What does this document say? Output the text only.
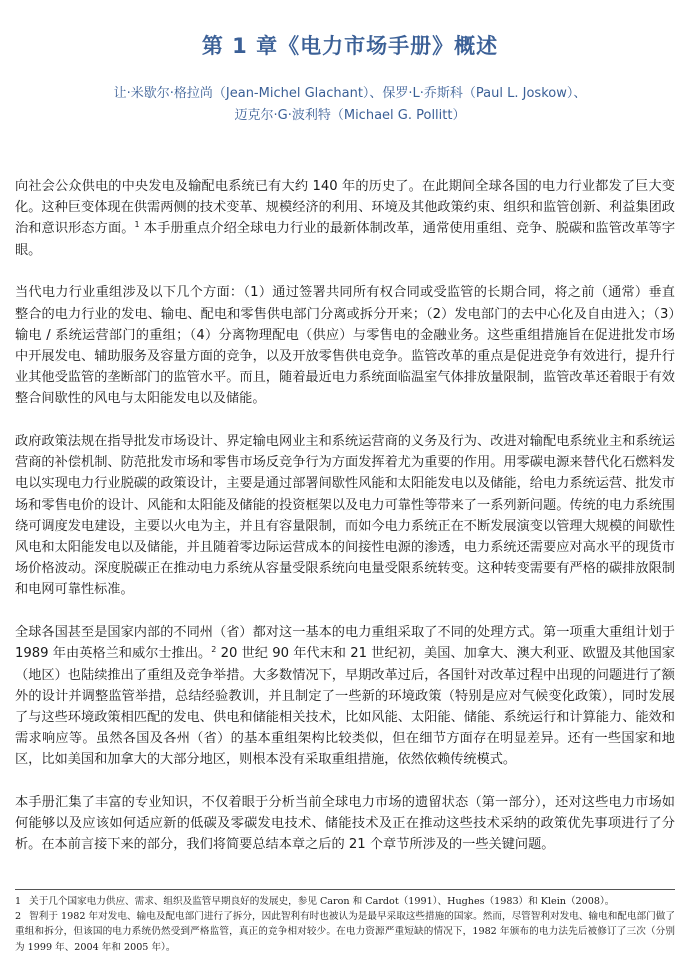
第 1 章《电力市场手册》概述
让·米歇尔·格拉尚（Jean-Michel Glachant）、保罗·L·乔斯科（Paul L. Joskow）、
迈克尔·G·波利特（Michael G. Pollitt）

向社会公众供电的中央发电及输配电系统已有大约 140 年的历史了。在此期间全球各国的电力行业都发了巨大变化。这种巨变体现在供需两侧的技术变革、规模经济的利用、环境及其他政策约束、组织和监管创新、利益集团政治和意识形态方面。$^1$ 本手册重点介绍全球电力行业的最新体制改革，通常使用重组、竞争、脱碳和监管改革等字眼。

当代电力行业重组涉及以下几个方面：（1）通过签署共同所有权合同或受监管的长期合同，将之前（通常）垂直整合的电力行业的发电、输电、配电和零售供电部门分离或拆分开来；（2）发电部门的去中心化及自由进入；（3）输电 / 系统运营部门的重组；（4）分离物理配电（供应）与零售电的金融业务。这些重组措施旨在促进批发市场中开展发电、辅助服务及容量方面的竞争，以及开放零售供电竞争。监管改革的重点是促进竞争有效进行，提升行业其他受监管的垄断部门的监管水平。而且，随着最近电力系统面临温室气体排放量限制，监管改革还着眼于有效整合间歇性的风电与太阳能发电以及储能。

政府政策法规在指导批发市场设计、界定输电网业主和系统运营商的义务及行为、改进对输配电系统业主和系统运营商的补偿机制、防范批发市场和零售市场反竞争行为方面发挥着尤为重要的作用。用零碳电源来替代化石燃料发电以实现电力行业脱碳的政策设计，主要是通过部署间歇性风能和太阳能发电以及储能，给电力系统运营、批发市场和零售电价的设计、风能和太阳能及储能的投资框架以及电力可靠性等带来了一系列新问题。传统的电力系统围绕可调度发电建设，主要以火电为主，并且有容量限制，而如今电力系统正在不断发展演变以管理大规模的间歇性风电和太阳能发电以及储能，并且随着零边际运营成本的间接性电源的渗透，电力系统还需要应对高水平的现货市场价格波动。深度脱碳正在推动电力系统从容量受限系统向电量受限系统转变。这种转变需要有严格的碳排放限制和电网可靠性标准。

全球各国甚至是国家内部的不同州（省）都对这一基本的电力重组采取了不同的处理方式。第一项重大重组计划于 1989 年由英格兰和威尔士推出。$^2$ 20 世纪 90 年代末和 21 世纪初，美国、加拿大、澳大利亚、欧盟及其他国家（地区）也陆续推出了重组及竞争举措。大多数情况下，早期改革过后，各国针对改革过程中出现的问题进行了额外的设计并调整监管举措，总结经验教训，并且制定了一些新的环境政策（特别是应对气候变化政策），同时发展了与这些环境政策相匹配的发电、供电和储能相关技术，比如风能、太阳能、储能、系统运行和计算能力、能效和需求响应等。虽然各国及各州（省）的基本重组架构比较类似，但在细节方面存在明显差异。还有一些国家和地区，比如美国和加拿大的大部分地区，则根本没有采取重组措施，依然依赖传统模式。

本手册汇集了丰富的专业知识，不仅着眼于分析当前全球电力市场的遗留状态（第一部分），还对这些电力市场如何能够以及应该如何适应新的低碳及零碳发电技术、储能技术及正在推动这些技术采纳的政策优先事项进行了分析。在本前言接下来的部分，我们将简要总结本章之后的 21 个章节所涉及的一些关键问题。

1 关于几个国家电力供应、需求、组织及监管早期良好的发展史，参见 Caron 和 Cardot（1991）、Hughes（1983）和 Klein（2008）。

2 智利于 1982 年对发电、输电及配电部门进行了拆分，因此智利有时也被认为是最早采取这些措施的国家。然而，尽管智利对发电、输电和配电部门做了重组和拆分，但该国的电力系统仍然受到严格监管，真正的竞争相对较少。在电力资源严重短缺的情况下，1982 年颁布的电力法先后被修订了三次（分别为 1999 年、2004 年和 2005 年）。
